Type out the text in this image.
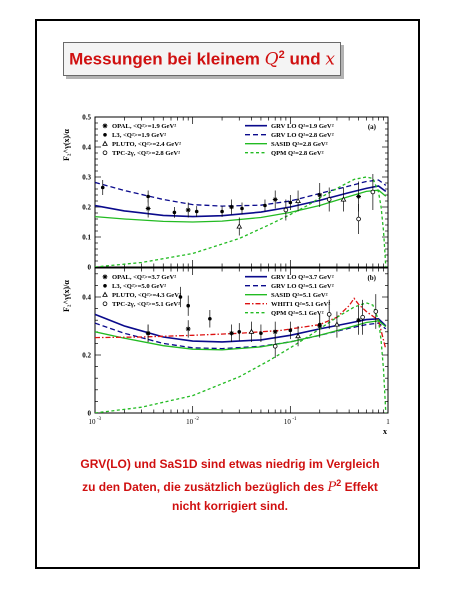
Messungen bei kleinem $Q^2$ und x
0
0.1
0.2
0.3
0.4
0.5
F₂^γ(x)/α
(a)
OPAL, <Q²>=1.9 GeV²
L3, <Q²>=1.9 GeV²
PLUTO, <Q²>=2.4 GeV²
TPC-2γ, <Q²>=2.8 GeV²
GRV LO Q²=1.9 GeV²
GRV LO Q²=2.8 GeV²
SASID Q²=2.8 GeV²
QPM Q²=2.8 GeV²
0
0.2
0.4
10 -3	10 -2	10 -1	1
x
F₂^γ(x)/α
(b)
OPAL, <Q²>=3.7 GeV²
L3, <Q²>=5.0 GeV²
PLUTO, <Q²>=4.3 GeV²
TPC-2γ, <Q²>=5.1 GeV²
GRV LO Q²=3.7 GeV²
GRV LO Q²=5.1 GeV²
SASID Q²=5.1 GeV²
WHIT1 Q²=5.1 GeV²
QPM Q²=5.1 GeV²
GRV(LO) und SaS1D sind etwas niedrig im Vergleich
zu den Daten, die zusätzlich bezüglich des $P^2$ Effekt
nicht korrigiert sind.
